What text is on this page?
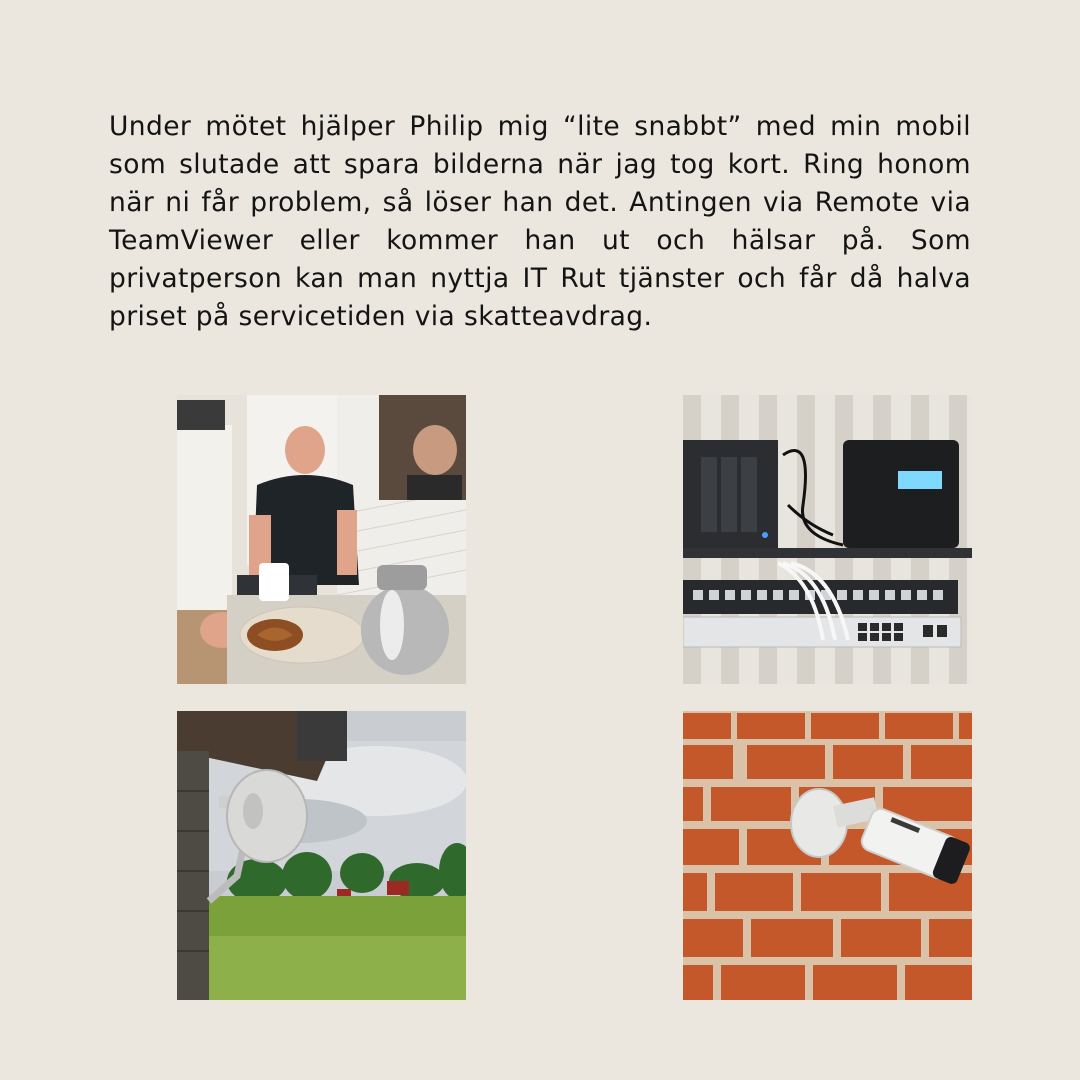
Under mötet hjälper Philip mig “lite snabbt” med min mobil som slutade att spara bilderna när jag tog kort. Ring honom när ni får problem, så löser han det. Antingen via Remote via TeamViewer eller kommer han ut och hälsar på. Som privatperson kan man nyttja IT Rut tjänster och får då halva priset på servicetiden via skatteavdrag.
